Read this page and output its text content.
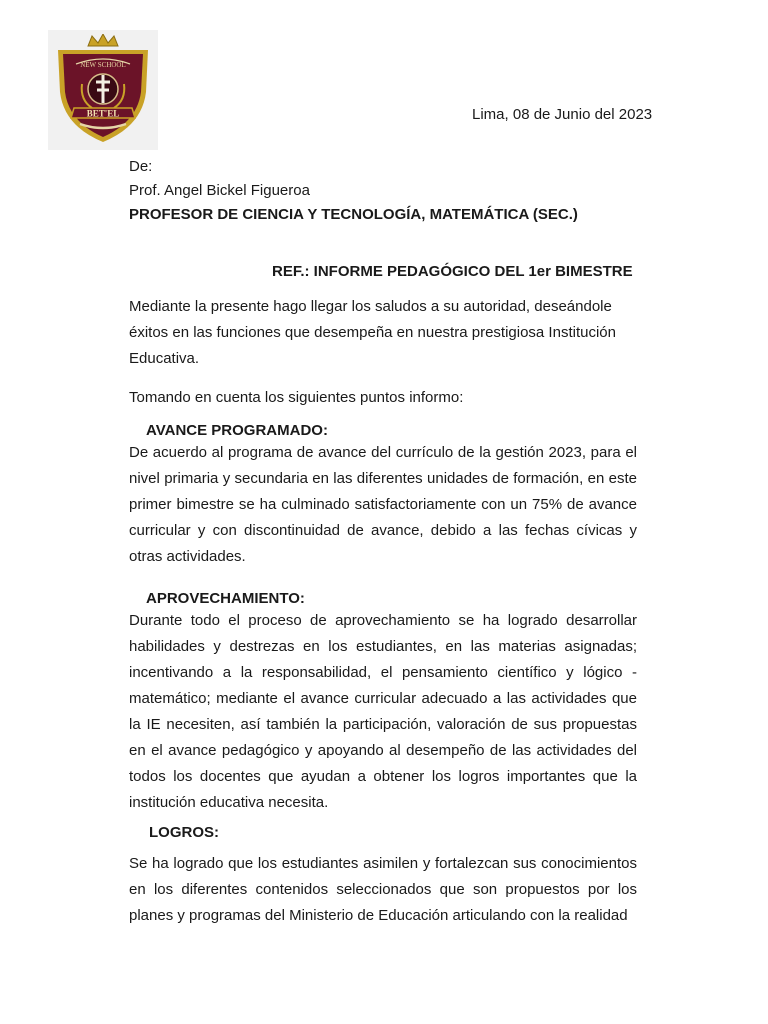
NEW SCHOOL
BET'EL	Lima, 08 de Junio del 2023
De:
Prof. Angel Bickel Figueroa
PROFESOR DE CIENCIA Y TECNOLOGÍA, MATEMÁTICA (SEC.)
REF.: INFORME PEDAGÓGICO DEL 1er BIMESTRE
Mediante la presente hago llegar los saludos a su autoridad, deseándole éxitos en las funciones que desempeña en nuestra prestigiosa Institución Educativa.
Tomando en cuenta los siguientes puntos informo:
AVANCE PROGRAMADO:
De acuerdo al programa de avance del currículo de la gestión 2023, para el nivel primaria y secundaria en las diferentes unidades de formación, en este primer bimestre se ha culminado satisfactoriamente con un 75% de avance curricular y con discontinuidad de avance, debido a las fechas cívicas y otras actividades.
APROVECHAMIENTO:
Durante todo el proceso de aprovechamiento se ha logrado desarrollar habilidades y destrezas en los estudiantes, en las materias asignadas; incentivando a la responsabilidad, el pensamiento científico y lógico - matemático; mediante el avance curricular adecuado a las actividades que la IE necesiten, así también la participación, valoración de sus propuestas en el avance pedagógico y apoyando al desempeño de las actividades del todos los docentes que ayudan a obtener los logros importantes que la institución educativa necesita.
LOGROS:
Se ha logrado que los estudiantes asimilen y fortalezcan sus conocimientos en los diferentes contenidos seleccionados que son propuestos por los planes y programas del Ministerio de Educación articulando con la realidad
